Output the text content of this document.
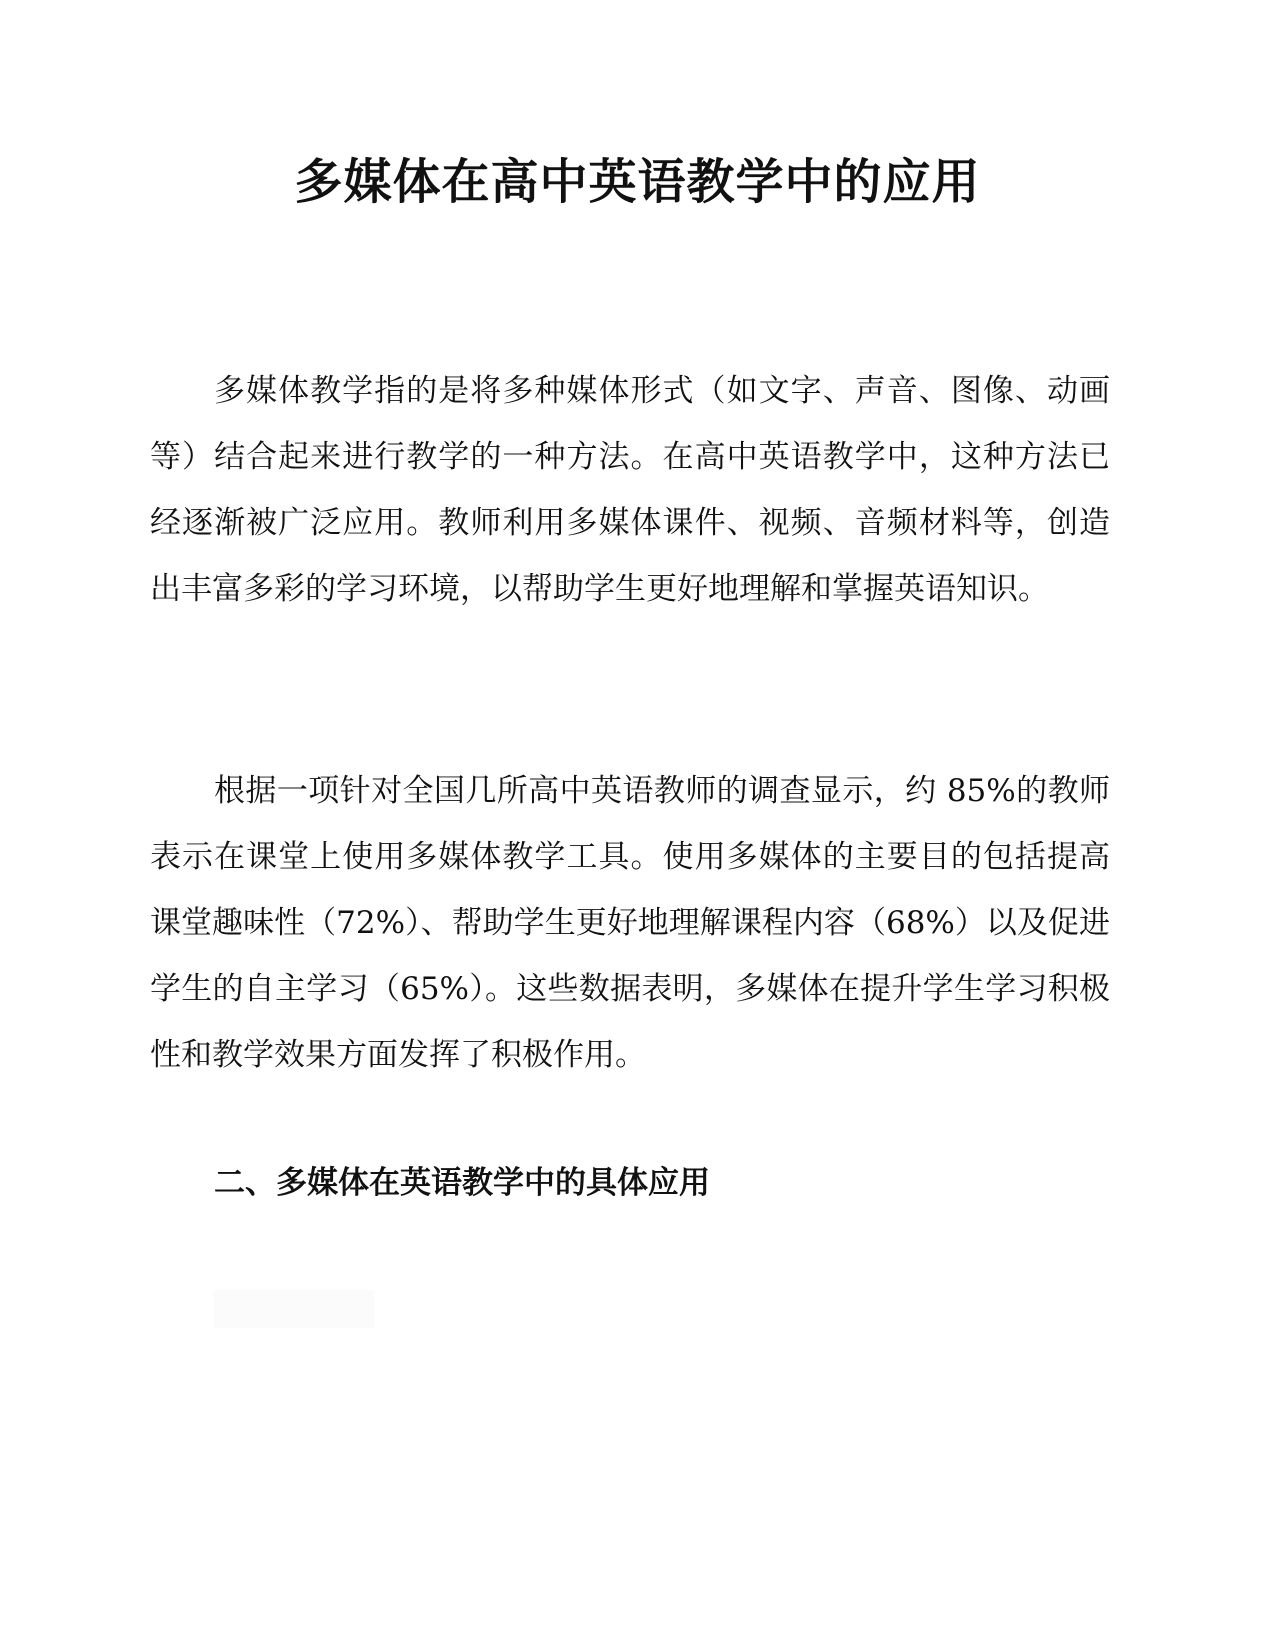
多媒体在高中英语教学中的应用

多媒体教学指的是将多种媒体形式（如文字、声音、图像、动画等）结合起来进行教学的一种方法。在高中英语教学中，这种方法已经逐渐被广泛应用。教师利用多媒体课件、视频、音频材料等，创造出丰富多彩的学习环境，以帮助学生更好地理解和掌握英语知识。

根据一项针对全国几所高中英语教师的调查显示，约 85%的教师表示在课堂上使用多媒体教学工具。使用多媒体的主要目的包括提高课堂趣味性（72%）、帮助学生更好地理解课程内容（68%）以及促进学生的自主学习（65%）。这些数据表明，多媒体在提升学生学习积极性和教学效果方面发挥了积极作用。

二、多媒体在英语教学中的具体应用
